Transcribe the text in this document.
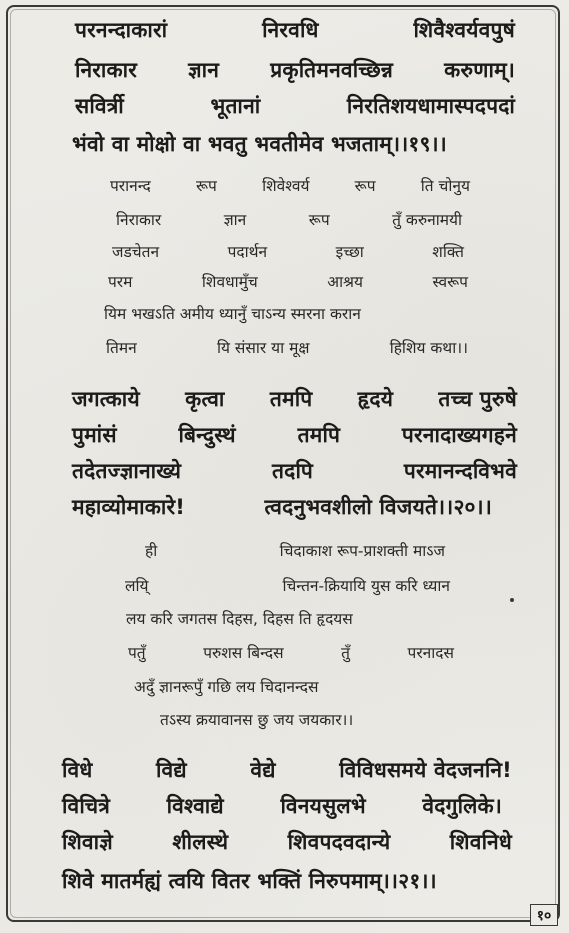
परनन्दाकारां	निरवधि	शिवैश्वर्यवपुषं
निराकार ज्ञान प्रकृतिमनवच्छिन्न करुणाम्।
सविर्त्री	भूतानां	निरतिशयधामास्पदपदां
भंवो वा मोक्षो वा भवतु भवतीमेव भजताम्।।१९।।
परानन्द	रूप	शिवेश्वर्य	रूप	ति चोनुय
निराकार	ज्ञान	रूप	तुँ करुनामयी
जडचेतन	पदार्थन	इच्छा	शक्ति
परम	शिवधामुँच	आश्रय	स्वरूप
यिम भखऽति अमीय ध्यानुँ चाऽन्य स्मरना करान
तिमन	यि संसार या मूक्ष	हिशिय कथा।।
जगत्काये कृत्वा तमपि हृदये तच्च पुरुषे
पुमांसं	बिन्दुस्थं	तमपि	परनादाख्यगहने
तदेतज्ज्ञानाख्ये	तदपि	परमानन्दविभवे
महाव्योमाकारे!	त्वदनुभवशीलो विजयते।।२०।।
ही	चिदाकाश रूप-प्राशक्ती माऽज
लयि्	चिन्तन-क्रियायि युस करि ध्यान
लय करि जगतस दिहस, दिहस ति हृदयस
पतुँ	परुशस बिन्दस	तुँ	परनादस
अदुँ ज्ञानरूपुँ गछि लय चिदानन्दस
तऽस्य क्रयावानस छु जय जयकार।।
विधे	विद्ये	वेद्ये	विविधसमये वेदजननि!
विचित्रे	विश्वाद्ये	विनयसुलभे	वेदगुलिके।
शिवाज्ञे	शीलस्थे	शिवपदवदान्ये	शिवनिधे
शिवे मातर्मह्यं त्वयि वितर भक्तिं निरुपमाम्।।२१।।
१०
